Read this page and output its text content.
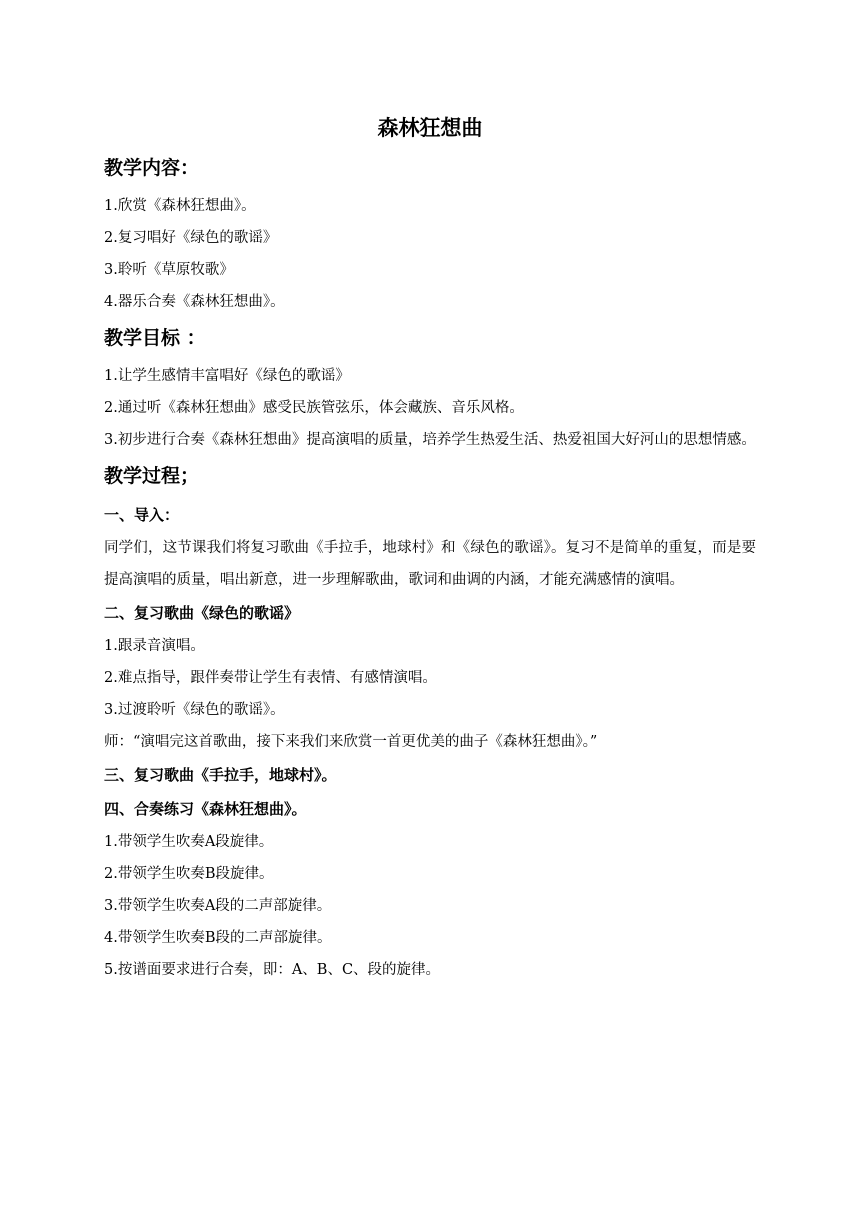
森林狂想曲
教学内容：

1.欣赏《森林狂想曲》。

2.复习唱好《绿色的歌谣》

3.聆听《草原牧歌》

4.器乐合奏《森林狂想曲》。

教学目标 ：

1.让学生感情丰富唱好《绿色的歌谣》

2.通过听《森林狂想曲》感受民族管弦乐，体会藏族、音乐风格。

3.初步进行合奏《森林狂想曲》提高演唱的质量，培养学生热爱生活、热爱祖国大好河山的思想情感。

教学过程；
一、导入：

同学们，这节课我们将复习歌曲《手拉手，地球村》和《绿色的歌谣》。复习不是简单的重复，而是要提高演唱的质量，唱出新意，进一步理解歌曲，歌词和曲调的内涵，才能充满感情的演唱。

二、复习歌曲《绿色的歌谣》

1.跟录音演唱。

2.难点指导，跟伴奏带让学生有表情、有感情演唱。

3.过渡聆听《绿色的歌谣》。

师：“演唱完这首歌曲，接下来我们来欣赏一首更优美的曲子《森林狂想曲》。”

三、复习歌曲《手拉手，地球村》。
四、合奏练习《森林狂想曲》。

1.带领学生吹奏A段旋律。

2.带领学生吹奏B段旋律。

3.带领学生吹奏A段的二声部旋律。

4.带领学生吹奏B段的二声部旋律。

5.按谱面要求进行合奏，即：A、B、C、段的旋律。
